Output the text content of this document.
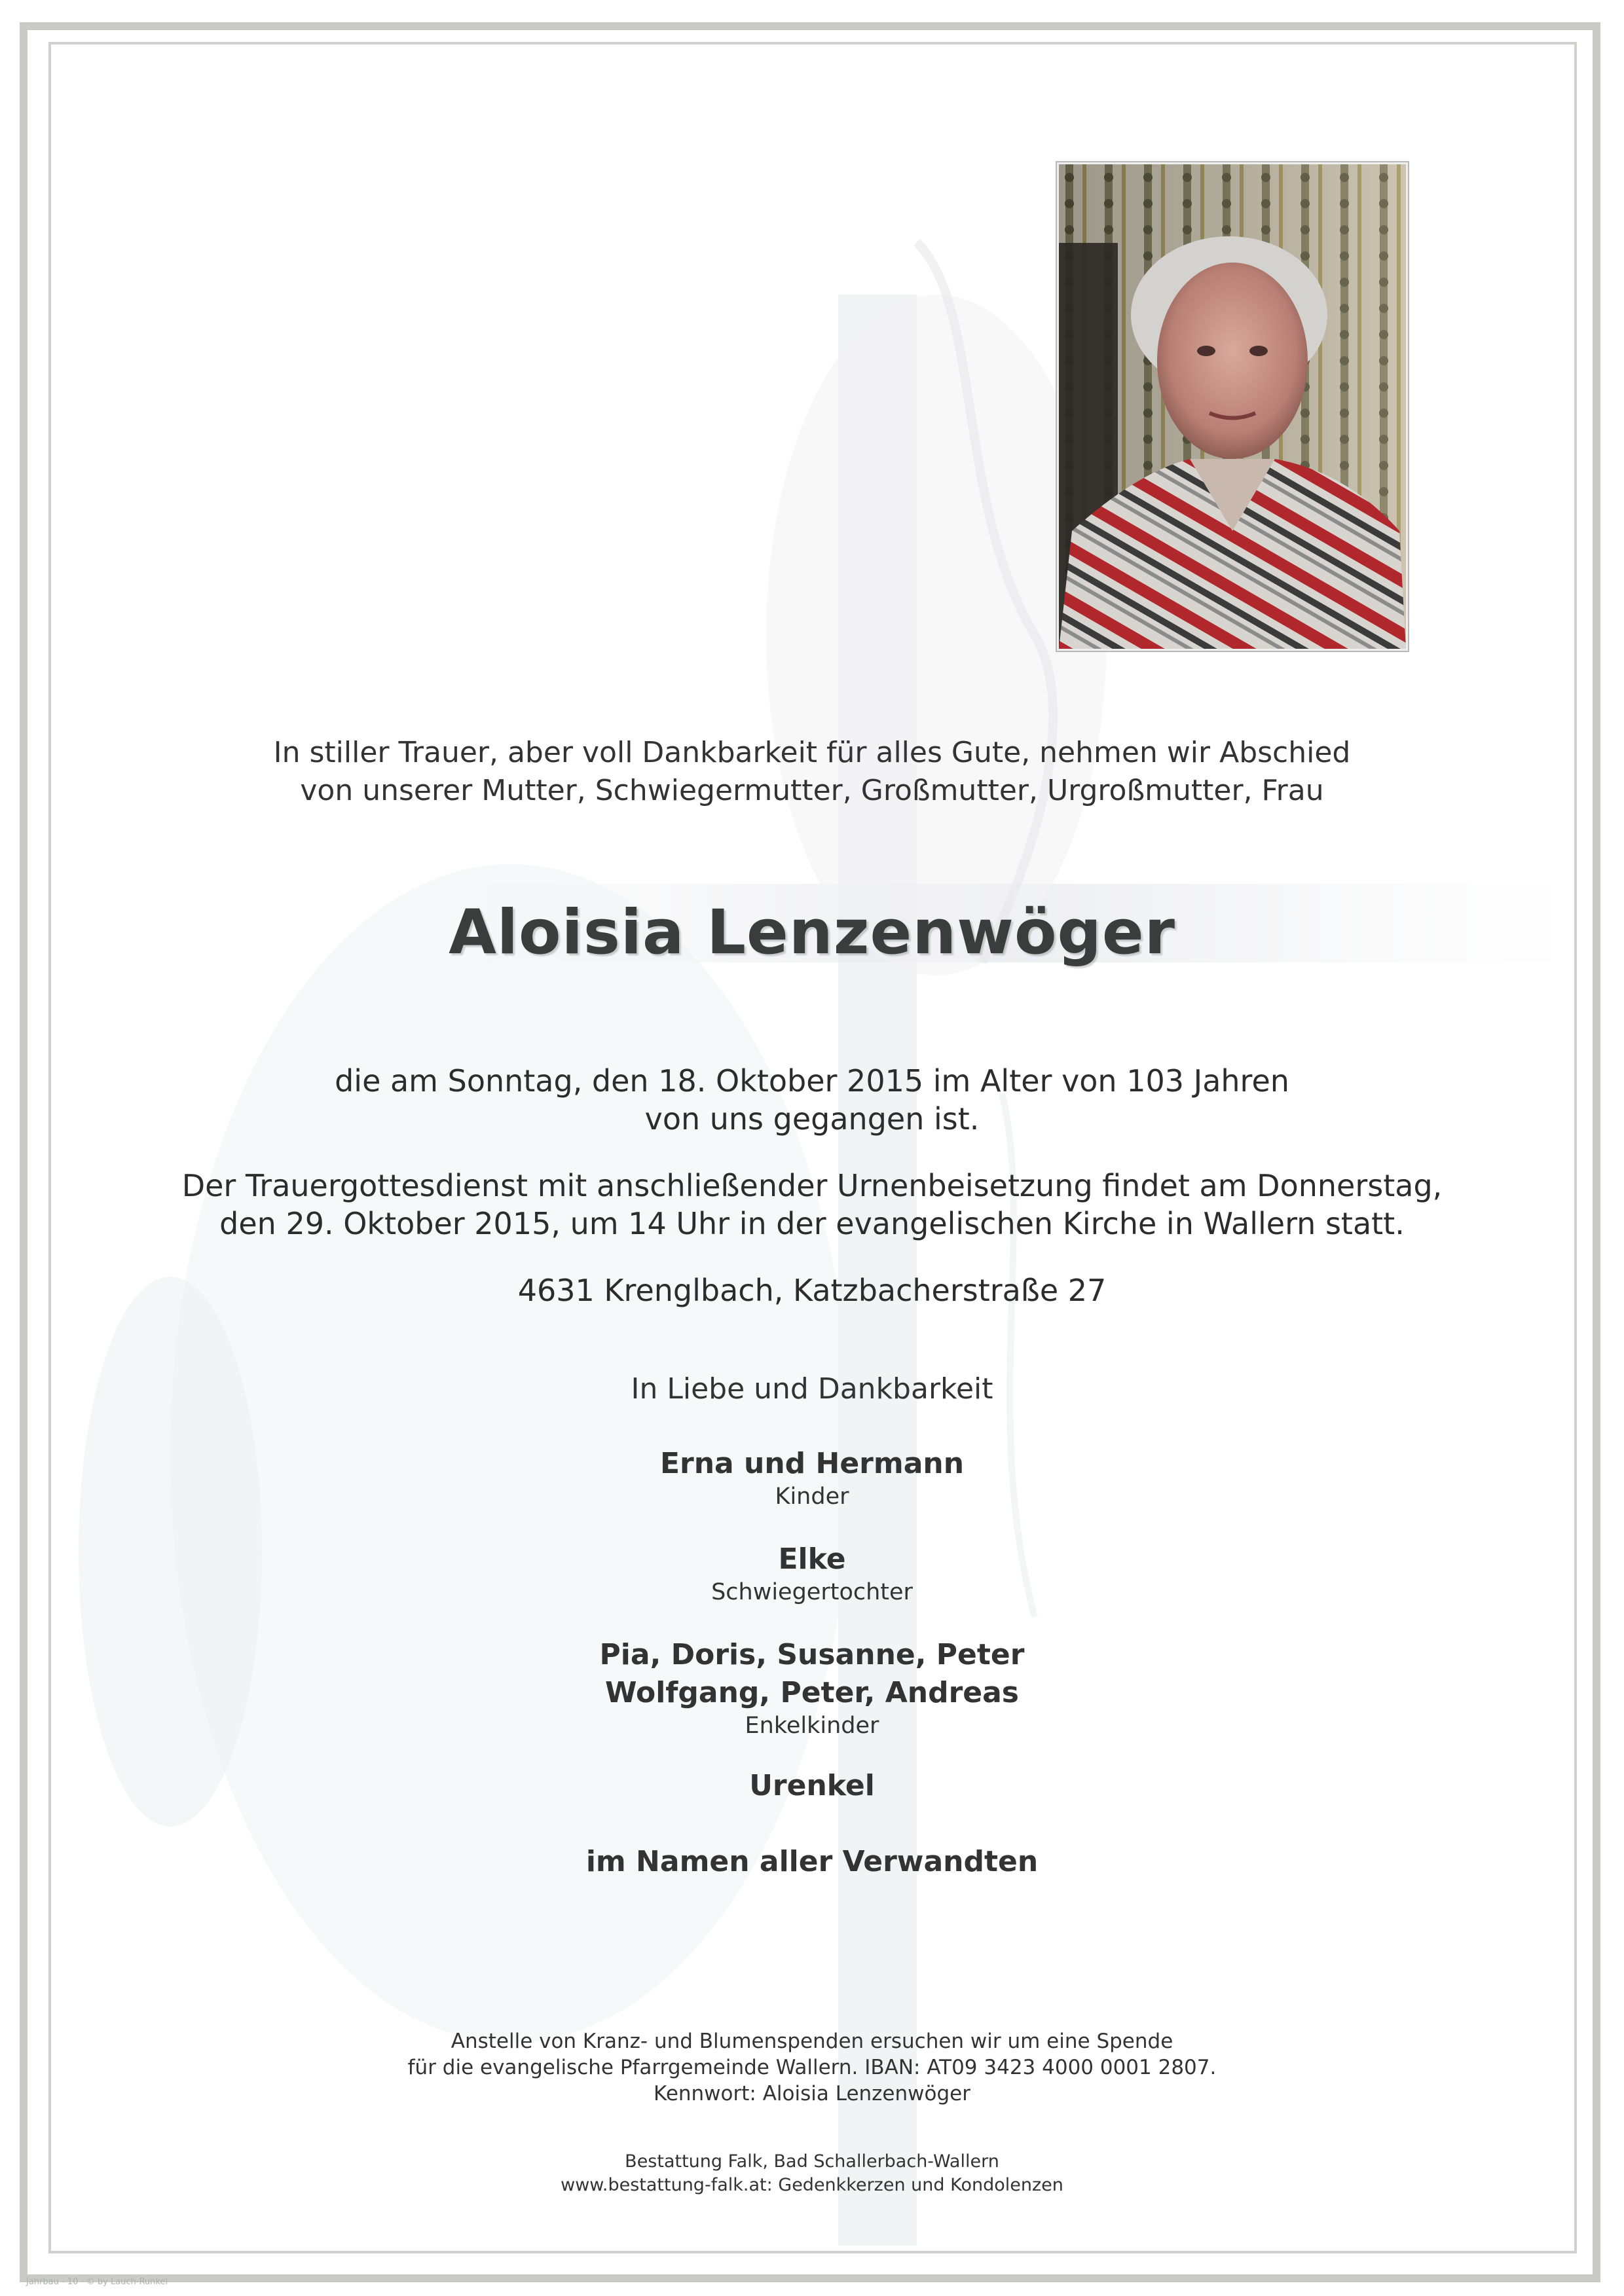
In stiller Trauer, aber voll Dankbarkeit für alles Gute, nehmen wir Abschied
von unserer Mutter, Schwiegermutter, Großmutter, Urgroßmutter, Frau
Aloisia Lenzenwöger
die am Sonntag, den 18. Oktober 2015 im Alter von 103 Jahren
von uns gegangen ist.
Der Trauergottesdienst mit anschließender Urnenbeisetzung findet am Donnerstag,
den 29. Oktober 2015, um 14 Uhr in der evangelischen Kirche in Wallern statt.
4631 Krenglbach, Katzbacherstraße 27
In Liebe und Dankbarkeit
Erna und Hermann
Kinder
Elke
Schwiegertochter
Pia, Doris, Susanne, Peter
Wolfgang, Peter, Andreas
Enkelkinder
Urenkel
im Namen aller Verwandten
Anstelle von Kranz- und Blumenspenden ersuchen wir um eine Spende
für die evangelische Pfarrgemeinde Wallern. IBAN: AT09 3423 4000 0001 2807.
Kennwort: Aloisia Lenzenwöger
Bestattung Falk, Bad Schallerbach-Wallern
www.bestattung-falk.at: Gedenkkerzen und Kondolenzen
Jahrbau - 10 · © by Lauch-Runkel
